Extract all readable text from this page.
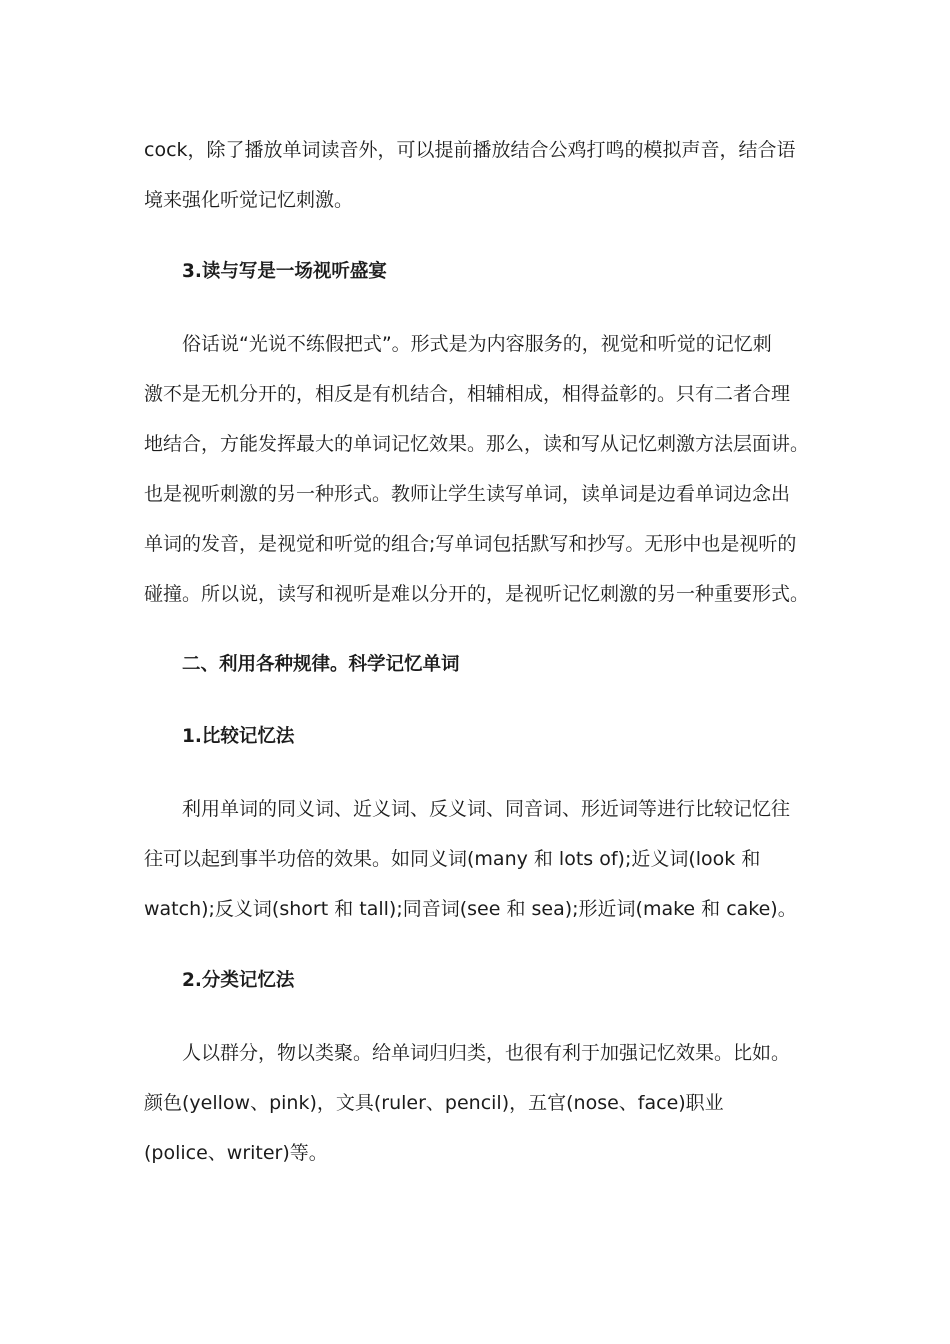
cock，除了播放单词读音外，可以提前播放结合公鸡打鸣的模拟声音，结合语
境来强化听觉记忆刺激。
3.读与写是一场视听盛宴
俗话说“光说不练假把式”。形式是为内容服务的，视觉和听觉的记忆刺
激不是无机分开的，相反是有机结合，相辅相成，相得益彰的。只有二者合理
地结合，方能发挥最大的单词记忆效果。那么，读和写从记忆刺激方法层面讲。
也是视听刺激的另一种形式。教师让学生读写单词，读单词是边看单词边念出
单词的发音，是视觉和听觉的组合;写单词包括默写和抄写。无形中也是视听的
碰撞。所以说，读写和视听是难以分开的，是视听记忆刺激的另一种重要形式。
二、利用各种规律。科学记忆单词
1.比较记忆法
利用单词的同义词、近义词、反义词、同音词、形近词等进行比较记忆往
往可以起到事半功倍的效果。如同义词(many 和 lots of);近义词(look 和
watch);反义词(short 和 tall);同音词(see 和 sea);形近词(make 和 cake)。
2.分类记忆法
人以群分，物以类聚。给单词归归类，也很有利于加强记忆效果。比如。
颜色(yellow、pink)，文具(ruler、pencil)，五官(nose、face)职业
(police、writer)等。
